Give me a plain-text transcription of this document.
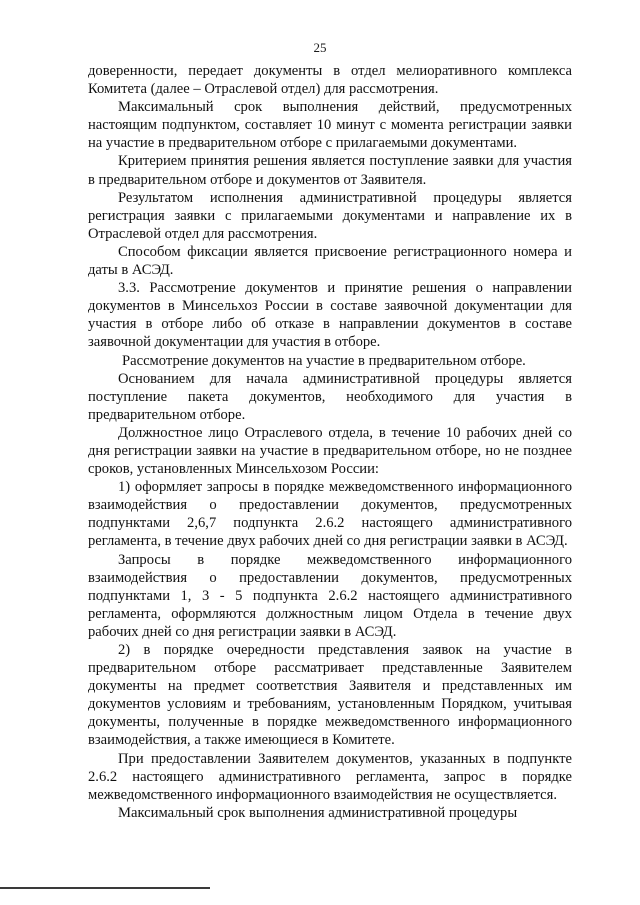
25

доверенности, передает документы в отдел мелиоративного комплекса Комитета (далее – Отраслевой отдел) для рассмотрения.

Максимальный срок выполнения действий, предусмотренных настоящим подпунктом, составляет 10 минут с момента регистрации заявки на участие в предварительном отборе с прилагаемыми документами.

Критерием принятия решения является поступление заявки для участия в предварительном отборе и документов от Заявителя.

Результатом исполнения административной процедуры является регистрация заявки с прилагаемыми документами и направление их в Отраслевой отдел для рассмотрения.

Способом фиксации является присвоение регистрационного номера и даты в АСЭД.

3.3. Рассмотрение документов и принятие решения о направлении документов в Минсельхоз России в составе заявочной документации для участия в отборе либо об отказе в направлении документов в составе заявочной документации для участия в отборе.

Рассмотрение документов на участие в предварительном отборе.

Основанием для начала административной процедуры является поступление пакета документов, необходимого для участия в предварительном отборе.

Должностное лицо Отраслевого отдела, в течение 10 рабочих дней со дня регистрации заявки на участие в предварительном отборе, но не позднее сроков, установленных Минсельхозом России:

1) оформляет запросы в порядке межведомственного информационного взаимодействия о предоставлении документов, предусмотренных подпунктами 2,6,7 подпункта 2.6.2 настоящего административного регламента, в течение двух рабочих дней со дня регистрации заявки в АСЭД.

Запросы в порядке межведомственного информационного взаимодействия о предоставлении документов, предусмотренных подпунктами 1, 3 - 5 подпункта 2.6.2 настоящего административного регламента, оформляются должностным лицом Отдела в течение двух рабочих дней со дня регистрации заявки в АСЭД.

2) в порядке очередности представления заявок на участие в предварительном отборе рассматривает представленные Заявителем документы на предмет соответствия Заявителя и представленных им документов условиям и требованиям, установленным Порядком, учитывая документы, полученные в порядке межведомственного информационного взаимодействия, а также имеющиеся в Комитете.

При предоставлении Заявителем документов, указанных в подпункте 2.6.2 настоящего административного регламента, запрос в порядке межведомственного информационного взаимодействия не осуществляется.

Максимальный срок выполнения административной процедуры
